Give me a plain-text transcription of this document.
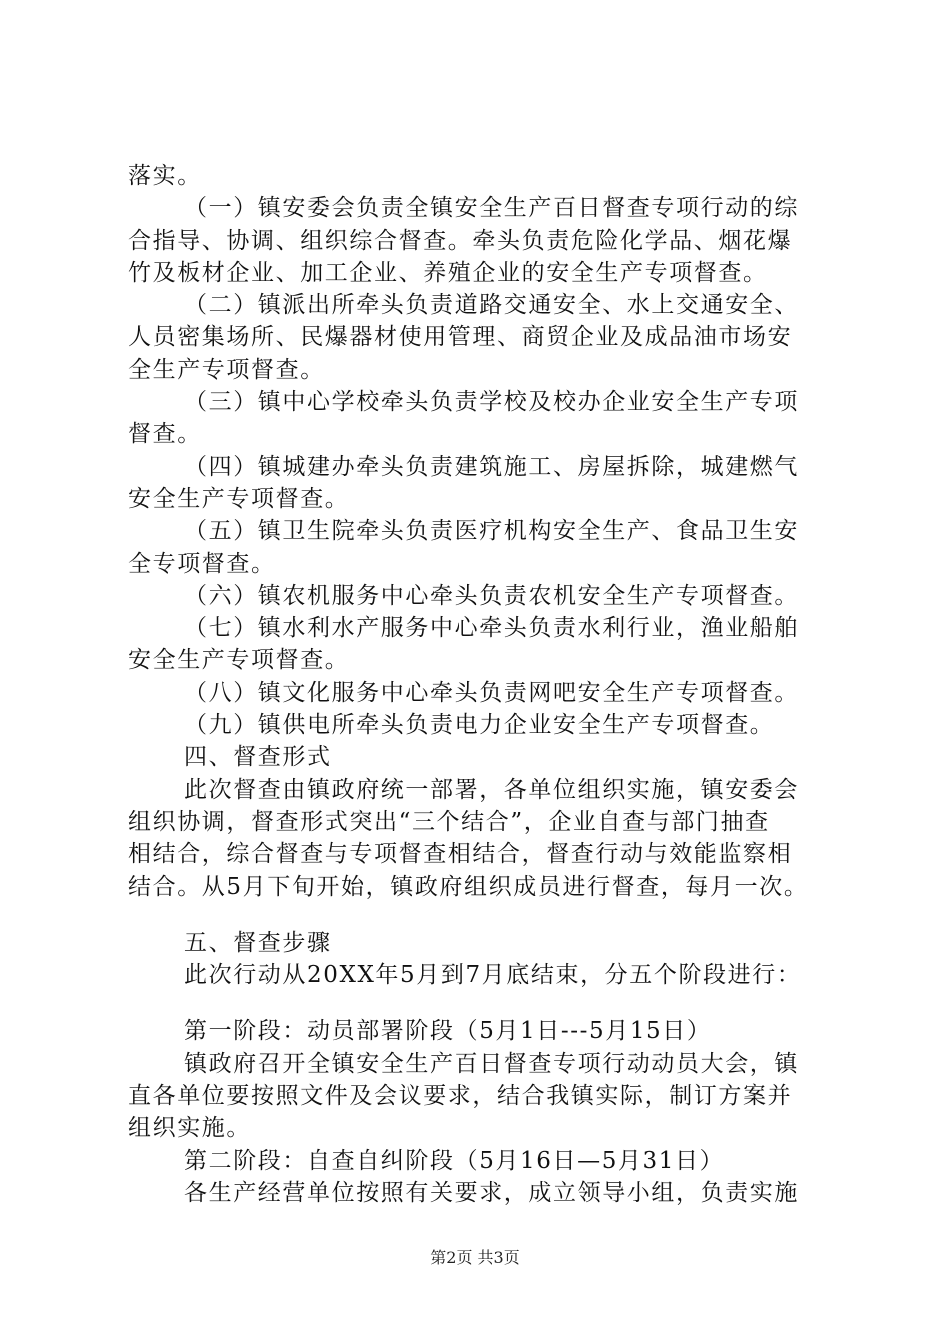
落实。
（一）镇安委会负责全镇安全生产百日督查专项行动的综
合指导、协调、组织综合督查。牵头负责危险化学品、烟花爆
竹及板材企业、加工企业、养殖企业的安全生产专项督查。
（二）镇派出所牵头负责道路交通安全、水上交通安全、
人员密集场所、民爆器材使用管理、商贸企业及成品油市场安
全生产专项督查。
（三）镇中心学校牵头负责学校及校办企业安全生产专项
督查。
（四）镇城建办牵头负责建筑施工、房屋拆除，城建燃气
安全生产专项督查。
（五）镇卫生院牵头负责医疗机构安全生产、食品卫生安
全专项督查。
（六）镇农机服务中心牵头负责农机安全生产专项督查。
（七）镇水利水产服务中心牵头负责水利行业，渔业船舶
安全生产专项督查。
（八）镇文化服务中心牵头负责网吧安全生产专项督查。
（九）镇供电所牵头负责电力企业安全生产专项督查。
四、督查形式
此次督查由镇政府统一部署，各单位组织实施，镇安委会
组织协调，督查形式突出“三个结合”，企业自查与部门抽查
相结合，综合督查与专项督查相结合，督查行动与效能监察相
结合。从5月下旬开始，镇政府组织成员进行督查，每月一次。
五、督查步骤
此次行动从20XX年5月到7月底结束，分五个阶段进行：
第一阶段：动员部署阶段（5月1日---5月15日）
镇政府召开全镇安全生产百日督查专项行动动员大会，镇
直各单位要按照文件及会议要求，结合我镇实际，制订方案并
组织实施。
第二阶段：自查自纠阶段（5月16日—5月31日）
各生产经营单位按照有关要求，成立领导小组，负责实施
第2页 共3页
